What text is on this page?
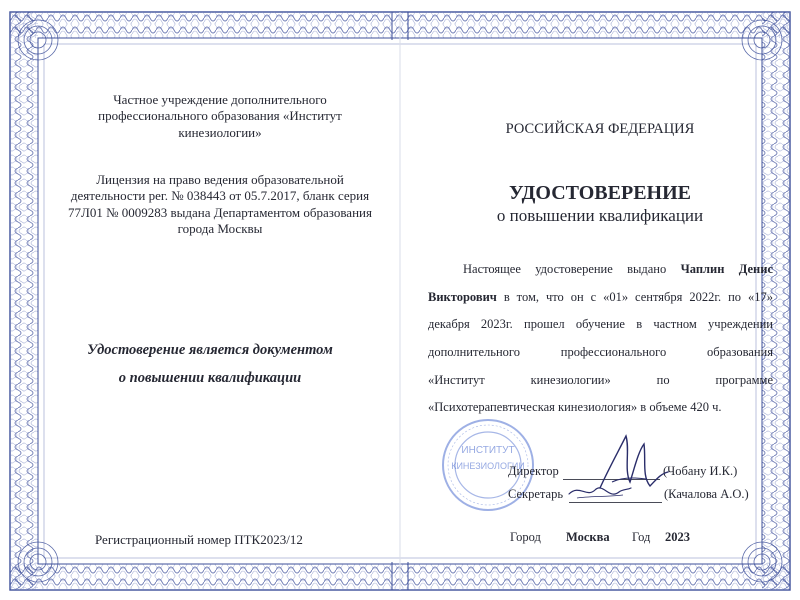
Частное учреждение дополнительного профессионального образования «Институт кинезиологии»

Лицензия на право ведения образовательной деятельности рег. № 038443 от 05.7.2017, бланк серия 77Л01 № 0009283 выдана Департаментом образования города Москвы

Удостоверение является документом

о повышении квалификации

Регистрационный номер ПТК2023/12

РОССИЙСКАЯ ФЕДЕРАЦИЯ

УДОСТОВЕРЕНИЕ

о повышении квалификации

Настоящее удостоверение выдано Чаплин Денис
Викторович в том, что он с «01» сентября 2022г. по «17»
декабря 2023г. прошел обучение в частном учреждении
дополнительного профессионального образования
«Институт кинезиологии» по программе
«Психотерапевтическая кинезиология» в объеме 420 ч.
ИНСТИТУТ
КИНЕЗИОЛОГИИ

Директор	(Чобану И.К.)

Секретарь	(Качалова А.О.)

Город Москва Год 2023
